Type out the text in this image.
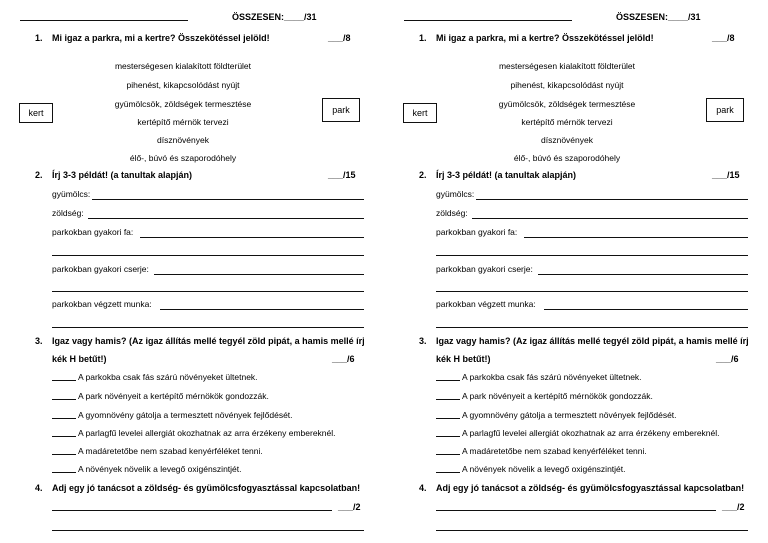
ÖSSZESEN:____/31
1. Mi igaz a parkra, mi a kertre? Összekötéssel jelöld!	___/8
mesterségesen kialakított földterület
pihenést, kikapcsolódást nyújt
gyümölcsök, zöldségek termesztése
kertépítő mérnök tervezi
dísznövények
élő-, búvó és szaporodóhely
kert	park
2. Írj 3-3 példát! (a tanultak alapján)	___/15
gyümölcs:
zöldség:
parkokban gyakori fa:
parkokban gyakori cserje:
parkokban végzett munka:
3. Igaz vagy hamis? (Az igaz állítás mellé tegyél zöld pipát, a hamis mellé írj
kék H betűt!)	___/6
A parkokba csak fás szárú növényeket ültetnek.
A park növényeit a kertépítő mérnökök gondozzák.
A gyomnövény gátolja a termesztett növények fejlődését.
A parlagfű levelei allergiát okozhatnak az arra érzékeny embereknél.
A madáretetőbe nem szabad kenyérféléket tenni.
A növények növelik a levegő oxigénszintjét.
4. Adj egy jó tanácsot a zöldség- és gyümölcsfogyasztással kapcsolatban!
___/2
ÖSSZESEN:____/31
1. Mi igaz a parkra, mi a kertre? Összekötéssel jelöld!	___/8
mesterségesen kialakított földterület
pihenést, kikapcsolódást nyújt
gyümölcsök, zöldségek termesztése
kertépítő mérnök tervezi
dísznövények
élő-, búvó és szaporodóhely
kert	park
2. Írj 3-3 példát! (a tanultak alapján)	___/15
gyümölcs:
zöldség:
parkokban gyakori fa:
parkokban gyakori cserje:
parkokban végzett munka:
3. Igaz vagy hamis? (Az igaz állítás mellé tegyél zöld pipát, a hamis mellé írj
kék H betűt!)	___/6
A parkokba csak fás szárú növényeket ültetnek.
A park növényeit a kertépítő mérnökök gondozzák.
A gyomnövény gátolja a termesztett növények fejlődését.
A parlagfű levelei allergiát okozhatnak az arra érzékeny embereknél.
A madáretetőbe nem szabad kenyérféléket tenni.
A növények növelik a levegő oxigénszintjét.
4. Adj egy jó tanácsot a zöldség- és gyümölcsfogyasztással kapcsolatban!
___/2
